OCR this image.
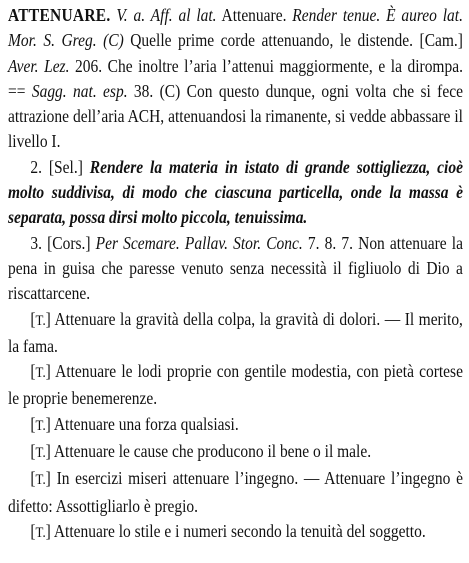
ATTENUARE. V. a. Aff. al lat. Attenuare. Render tenue. È aureo lat. Mor. S. Greg. (C) Quelle prime corde attenuando, le distende. [Cam.] Aver. Lez. 206. Che inoltre l’aria l’attenui maggiormente, e la dirompa. == Sagg. nat. esp. 38. (C) Con questo dunque, ogni volta che si fece attrazione dell’aria ACH, attenuandosi la rimanente, si vedde abbassare il livello I.

2. [Sel.] Rendere la materia in istato di grande sottigliezza, cioè molto suddivisa, di modo che ciascuna particella, onde la massa è separata, possa dirsi molto piccola, tenuissima.

3. [Cors.] Per Scemare. Pallav. Stor. Conc. 7. 8. 7. Non attenuare la pena in guisa che paresse venuto senza necessità il figliuolo di Dio a riscattarcene.

[T.] Attenuare la gravità della colpa, la gravità di dolori. — Il merito, la fama.

[T.] Attenuare le lodi proprie con gentile modestia, con pietà cortese le proprie benemerenze.

[T.] Attenuare una forza qualsiasi.

[T.] Attenuare le cause che producono il bene o il male.

[T.] In esercizi miseri attenuare l’ingegno. — Attenuare l’ingegno è difetto: Assottigliarlo è pregio.

[T.] Attenuare lo stile e i numeri secondo la tenuità del soggetto.
